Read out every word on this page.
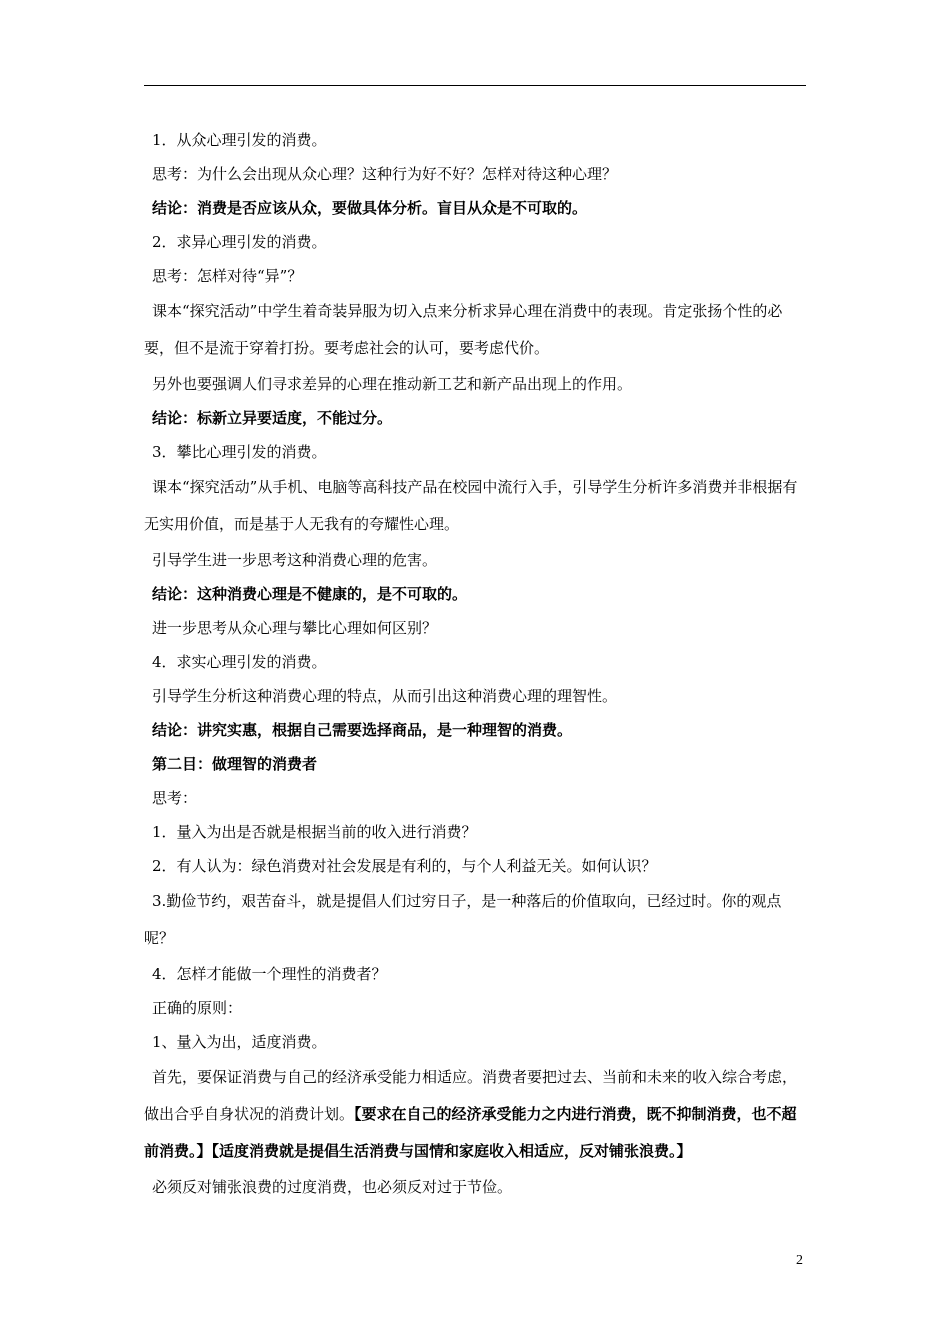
1．从众心理引发的消费。

思考：为什么会出现从众心理？这种行为好不好？怎样对待这种心理？

结论：消费是否应该从众，要做具体分析。盲目从众是不可取的。

2．求异心理引发的消费。

思考：怎样对待“异”？

课本“探究活动”中学生着奇装异服为切入点来分析求异心理在消费中的表现。肯定张扬个性的必要，但不是流于穿着打扮。要考虑社会的认可，要考虑代价。

另外也要强调人们寻求差异的心理在推动新工艺和新产品出现上的作用。

结论：标新立异要适度，不能过分。

3．攀比心理引发的消费。

课本“探究活动”从手机、电脑等高科技产品在校园中流行入手，引导学生分析许多消费并非根据有无实用价值，而是基于人无我有的夸耀性心理。

引导学生进一步思考这种消费心理的危害。

结论：这种消费心理是不健康的，是不可取的。

进一步思考从众心理与攀比心理如何区别？

4．求实心理引发的消费。

引导学生分析这种消费心理的特点，从而引出这种消费心理的理智性。

结论：讲究实惠，根据自己需要选择商品，是一种理智的消费。

第二目：做理智的消费者

思考：

1．量入为出是否就是根据当前的收入进行消费？

2．有人认为：绿色消费对社会发展是有利的，与个人利益无关。如何认识？

3.勤俭节约，艰苦奋斗，就是提倡人们过穷日子，是一种落后的价值取向，已经过时。你的观点呢？

4．怎样才能做一个理性的消费者？

正确的原则：

1、量入为出，适度消费。

首先，要保证消费与自己的经济承受能力相适应。消费者要把过去、当前和未来的收入综合考虑，做出合乎自身状况的消费计划。【要求在自己的经济承受能力之内进行消费，既不抑制消费，也不超前消费。】【适度消费就是提倡生活消费与国情和家庭收入相适应，反对铺张浪费。】

必须反对铺张浪费的过度消费，也必须反对过于节俭。

2
